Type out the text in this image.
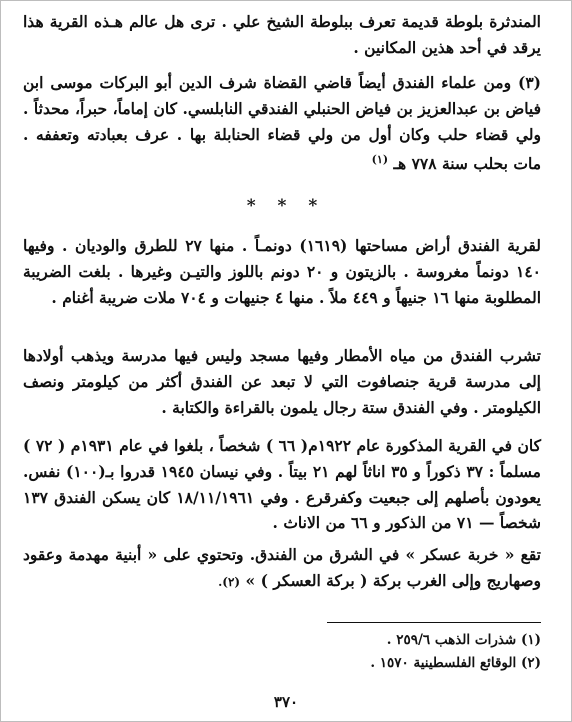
المندثرة بلوطة قديمة تعرف ببلوطة الشيخ علي . ترى هل عالم هـذه القرية هذا يرقد في أحد هذين المكانين .

(٣) ومن علماء الفندق أيضاً قاضي القضاة شرف الدين أبو البركات موسى ابن فياض بن عبدالعزيز بن فياض الحنبلي الفندقي النابلسي. كان إماماً، حبراً، محدثاً . ولي قضاء حلب وكان أول من ولي قضاء الحنابلة بها . عرف بعبادته وتعففه . مات بحلب سنة ٧٧٨ هـ $^{(١)}$

* * *

لقرية الفندق أراض مساحتها (١٦١٩) دونمـاً . منها ٢٧ للطرق والوديان . وفيها ١٤٠ دونماً مغروسة . بالزيتون و ٢٠ دونم باللوز والتيـن وغيرها . بلغت الضريبة المطلوبة منها ١٦ جنيهاً و ٤٤٩ ملاً . منها ٤ جنيهات و ٧٠٤ ملات ضريبة أغنام .

تشرب الفندق من مياه الأمطار وفيها مسجد وليس فيها مدرسة ويذهب أولادها إلى مدرسة قرية جنصافوت التي لا تبعد عن الفندق أكثر من كيلومتر ونصف الكيلومتر . وفي الفندق ستة رجال يلمون بالقراءة والكتابة .

كان في القرية المذكورة عام ١٩٢٢م( ٦٦ ) شخصاً ، بلغوا في عام ١٩٣١م ( ٧٢ ) مسلماً : ٣٧ ذكوراً و ٣٥ اناثاً لهم ٢١ بيتاً . وفي نيسان ١٩٤٥ قدروا بـ(١٠٠) نفس. يعودون بأصلهم إلى جبعيت وكفرقرع . وفي ١٨/١١/١٩٦١ كان يسكن الفندق ١٣٧ شخصاً — ٧١ من الذكور و ٦٦ من الاناث .

تقع « خربة عسكر » في الشرق من الفندق. وتحتوي على « أبنية مهدمة وعقود وصهاريج وإلى الغرب بركة ( بركة العسكر ) » (٢).

(١) شذرات الذهب ٢٥٩/٦ .

(٢) الوقائع الفلسطينية ١٥٧٠ .

٣٧٠
